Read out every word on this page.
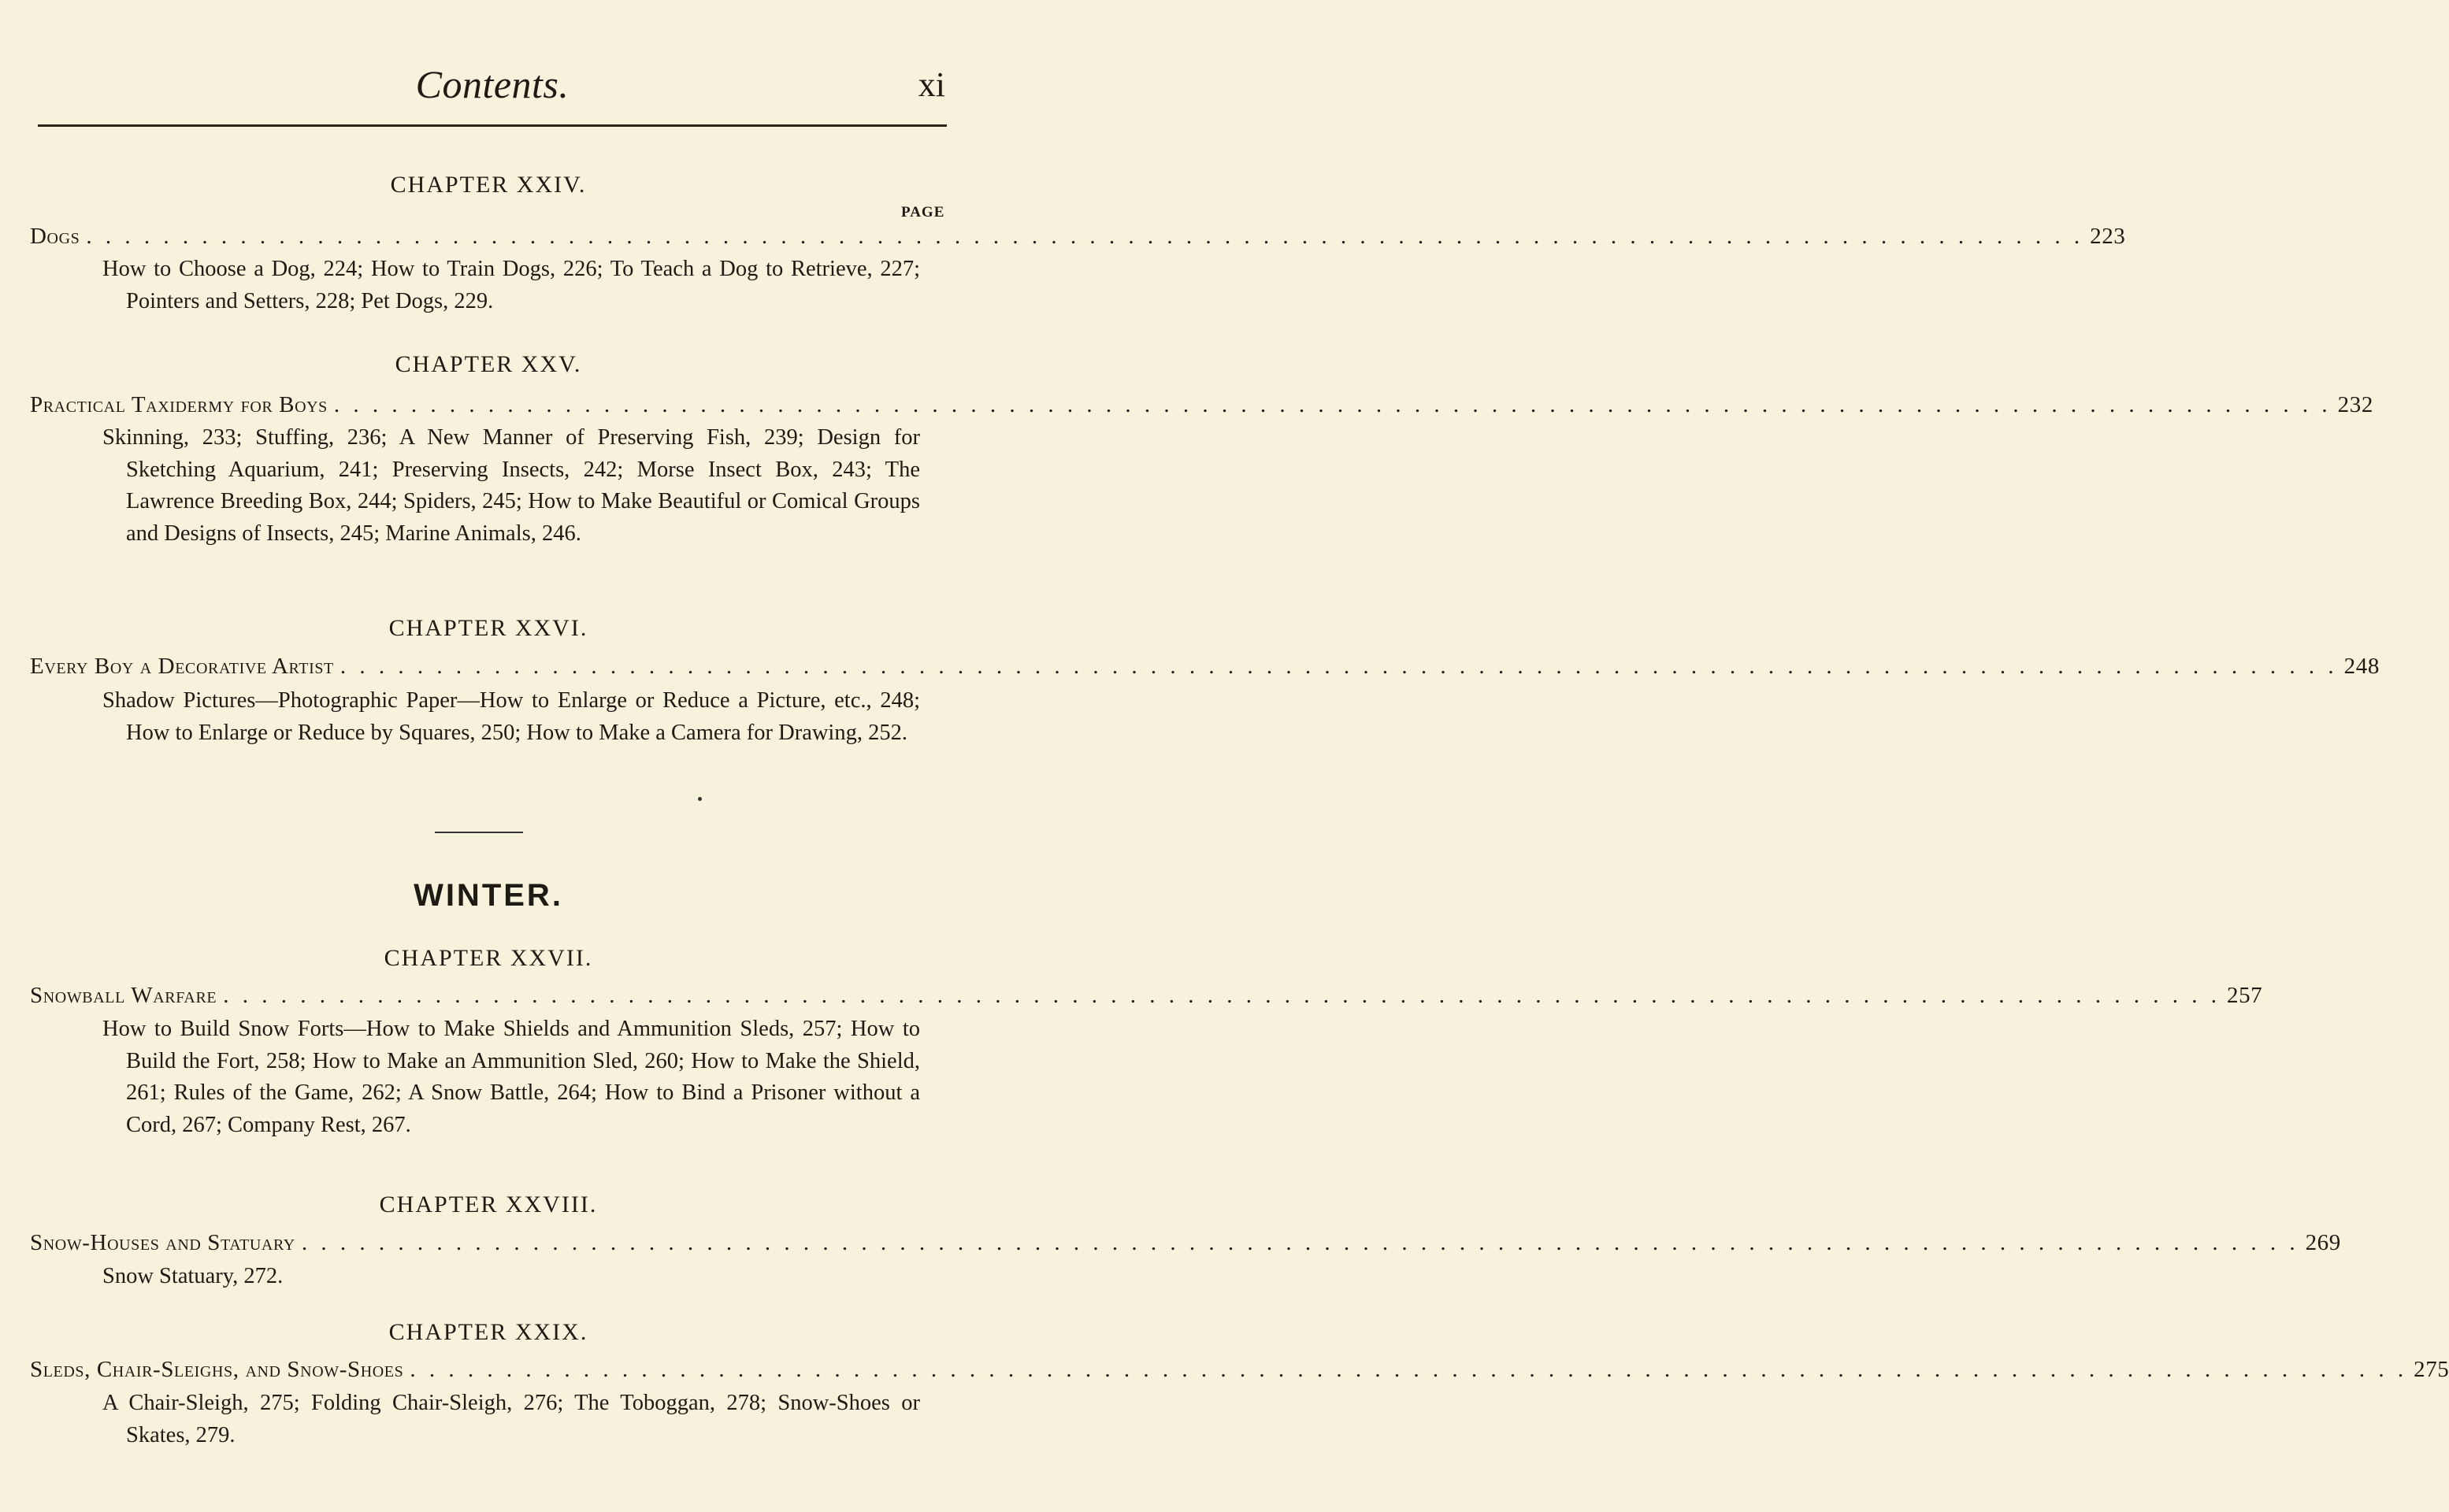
Contents.	xi
CHAPTER XXIV.
PAGE
Dogs . . . . . . . . . . . . . . . . . . . . . . . . . . . . . . . . . . . . . . . . . . . . . . . . . . . . . . . . . . . . . . . . . . . . . . . . . . . . . . . . . . . . . . . . . . . . . . . . . . . . . . . . 223
How to Choose a Dog, 224; How to Train Dogs, 226; To Teach a Dog to Retrieve, 227; Pointers and Setters, 228; Pet Dogs, 229.
CHAPTER XXV.
Practical Taxidermy for Boys . . . . . . . . . . . . . . . . . . . . . . . . . . . . . . . . . . . . . . . . . . . . . . . . . . . . . . . . . . . . . . . . . . . . . . . . . . . . . . . . . . . . . . . . . . . . . . . . . . . . . . . . 232
Skinning, 233; Stuffing, 236; A New Manner of Preserving Fish, 239; Design for Sketching Aquarium, 241; Preserving Insects, 242; Morse Insect Box, 243; The Lawrence Breeding Box, 244; Spiders, 245; How to Make Beautiful or Comical Groups and Designs of Insects, 245; Marine Animals, 246.
CHAPTER XXVI.
Every Boy a Decorative Artist . . . . . . . . . . . . . . . . . . . . . . . . . . . . . . . . . . . . . . . . . . . . . . . . . . . . . . . . . . . . . . . . . . . . . . . . . . . . . . . . . . . . . . . . . . . . . . . . . . . . . . . . 248
Shadow Pictures—Photographic Paper—How to Enlarge or Reduce a Picture, etc., 248; How to Enlarge or Reduce by Squares, 250; How to Make a Camera for Drawing, 252.
WINTER.
CHAPTER XXVII.
Snowball Warfare . . . . . . . . . . . . . . . . . . . . . . . . . . . . . . . . . . . . . . . . . . . . . . . . . . . . . . . . . . . . . . . . . . . . . . . . . . . . . . . . . . . . . . . . . . . . . . . . . . . . . . . . 257
How to Build Snow Forts—How to Make Shields and Ammunition Sleds, 257; How to Build the Fort, 258; How to Make an Ammunition Sled, 260; How to Make the Shield, 261; Rules of the Game, 262; A Snow Battle, 264; How to Bind a Prisoner without a Cord, 267; Company Rest, 267.
CHAPTER XXVIII.
Snow-Houses and Statuary . . . . . . . . . . . . . . . . . . . . . . . . . . . . . . . . . . . . . . . . . . . . . . . . . . . . . . . . . . . . . . . . . . . . . . . . . . . . . . . . . . . . . . . . . . . . . . . . . . . . . . . . 269
Snow Statuary, 272.
CHAPTER XXIX.
Sleds, Chair-Sleighs, and Snow-Shoes . . . . . . . . . . . . . . . . . . . . . . . . . . . . . . . . . . . . . . . . . . . . . . . . . . . . . . . . . . . . . . . . . . . . . . . . . . . . . . . . . . . . . . . . . . . . . . . . . . . . . . . . 275
A Chair-Sleigh, 275; Folding Chair-Sleigh, 276; The Toboggan, 278; Snow-Shoes or Skates, 279.
